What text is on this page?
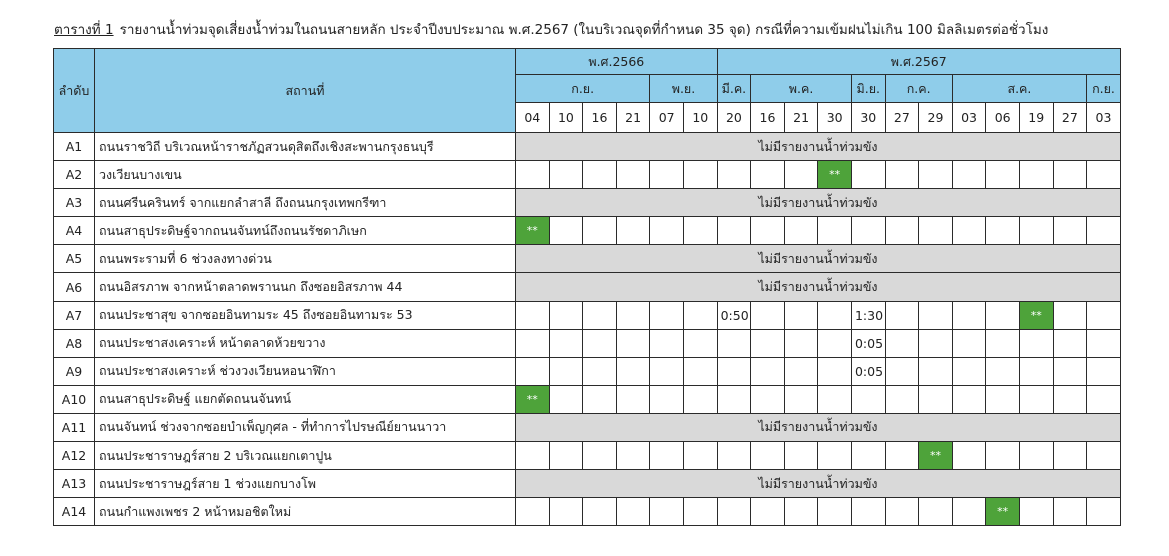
ตารางที่ 1 รายงานน้ำท่วมจุดเสี่ยงน้ำท่วมในถนนสายหลัก ประจำปีงบประมาณ พ.ศ.2567 (ในบริเวณจุดที่กำหนด 35 จุด) กรณีที่ความเข้มฝนไม่เกิน 100 มิลลิเมตรต่อชั่วโมง
ลำดับ	สถานที่	พ.ศ.2566						พ.ศ.2567											
		ก.ย.				พ.ย.		มี.ค.	พ.ค.			มิ.ย.	ก.ค.		ส.ค.				ก.ย.
		04	10	16	21	07	10	20	16	21	30	30	27	29	03	06	19	27	03
A1	ถนนราชวิถี บริเวณหน้าราชภัฏสวนดุสิตถึงเชิงสะพานกรุงธนบุรี	ไม่มีรายงานน้ำท่วมขัง																	
A2	วงเวียนบางเขน										**								
A3	ถนนศรีนครินทร์ จากแยกลำสาลี ถึงถนนกรุงเทพกรีฑา	ไม่มีรายงานน้ำท่วมขัง																	
A4	ถนนสาธุประดิษฐ์จากถนนจันทน์ถึงถนนรัชดาภิเษก	**																	
A5	ถนนพระรามที่ 6 ช่วงลงทางด่วน	ไม่มีรายงานน้ำท่วมขัง																	
A6	ถนนอิสรภาพ จากหน้าตลาดพรานนก ถึงซอยอิสรภาพ 44	ไม่มีรายงานน้ำท่วมขัง																	
A7	ถนนประชาสุข จากซอยอินทามระ 45 ถึงซอยอินทามระ 53							0:50				1:30					**		
A8	ถนนประชาสงเคราะห์ หน้าตลาดห้วยขวาง											0:05							
A9	ถนนประชาสงเคราะห์ ช่วงวงเวียนหอนาฬิกา											0:05							
A10	ถนนสาธุประดิษฐ์ แยกตัดถนนจันทน์	**																	
A11	ถนนจันทน์ ช่วงจากซอยบำเพ็ญกุศล - ที่ทำการไปรษณีย์ยานนาวา	ไม่มีรายงานน้ำท่วมขัง																	
A12	ถนนประชาราษฎร์สาย 2 บริเวณแยกเตาปูน													**					
A13	ถนนประชาราษฎร์สาย 1 ช่วงแยกบางโพ	ไม่มีรายงานน้ำท่วมขัง																	
A14	ถนนกำแพงเพชร 2 หน้าหมอชิตใหม่															**			
